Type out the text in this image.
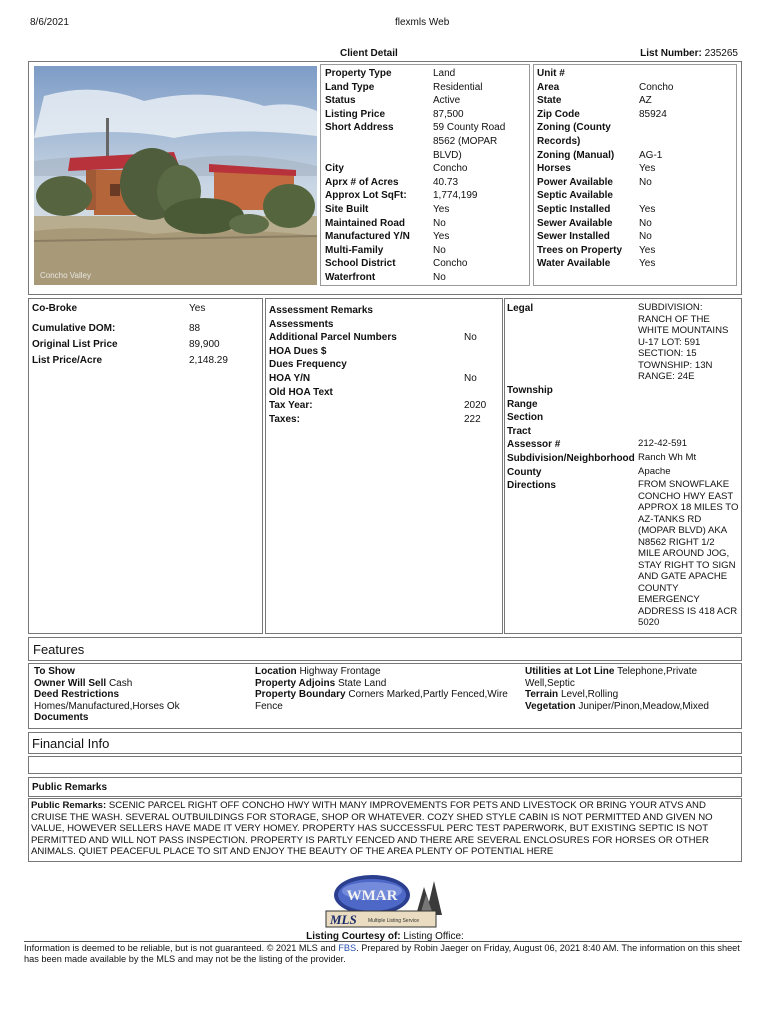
8/6/2021	flexmls Web
Client Detail	List Number: 235265
Concho Valley
Property Type	Land
Land Type	Residential
Status	Active
Listing Price	87,500
Short Address	59 County Road 8562 (MOPAR BLVD)
City	Concho
Aprx # of Acres	40.73
Approx Lot SqFt:	1,774,199
Site Built	Yes
Maintained Road	No
Manufactured Y/N	Yes
Multi-Family	No
School District	Concho
Waterfront	No
Unit #	
Area	Concho
State	AZ
Zip Code	85924
Zoning (County Records)	
Zoning (Manual)	AG-1
Horses	Yes
Power Available	No
Septic Available	
Septic Installed	Yes
Sewer Available	No
Sewer Installed	No
Trees on Property	Yes
Water Available	Yes
Co-Broke	Yes
Cumulative DOM:	88
Original List Price	89,900
List Price/Acre	2,148.29
Assessment Remarks	
Assessments	
Additional Parcel Numbers	No
HOA Dues $	
Dues Frequency	
HOA Y/N	No
Old HOA Text	
Tax Year:	2020
Taxes:	222
Legal	SUBDIVISION: RANCH OF THE WHITE MOUNTAINS U-17 LOT: 591 SECTION: 15 TOWNSHIP: 13N RANGE: 24E
Township	
Range	
Section	
Tract	
Assessor #	212-42-591
Subdivision/Neighborhood	Ranch Wh Mt
County	Apache
Directions	FROM SNOWFLAKE CONCHO HWY EAST APPROX 18 MILES TO AZ-TANKS RD (MOPAR BLVD) AKA N8562 RIGHT 1/2 MILE AROUND JOG, STAY RIGHT TO SIGN AND GATE APACHE COUNTY EMERGENCY ADDRESS IS 418 ACR 5020
Features
To Show
Owner Will Sell Cash
Deed Restrictions
Homes/Manufactured,Horses Ok
Documents
Location Highway Frontage
Property Adjoins State Land
Property Boundary Corners Marked,Partly Fenced,Wire Fence
Utilities at Lot Line Telephone,Private Well,Septic
Terrain Level,Rolling
Vegetation Juniper/Pinon,Meadow,Mixed
Financial Info
Public Remarks
Public Remarks: SCENIC PARCEL RIGHT OFF CONCHO HWY WITH MANY IMPROVEMENTS FOR PETS AND LIVESTOCK OR BRING YOUR ATVS AND CRUISE THE WASH. SEVERAL OUTBUILDINGS FOR STORAGE, SHOP OR WHATEVER. COZY SHED STYLE CABIN IS NOT PERMITTED AND GIVEN NO VALUE, HOWEVER SELLERS HAVE MADE IT VERY HOMEY. PROPERTY HAS SUCCESSFUL PERC TEST PAPERWORK, BUT EXISTING SEPTIC IS NOT PERMITTED AND WILL NOT PASS INSPECTION. PROPERTY IS PARTLY FENCED AND THERE ARE SEVERAL ENCLOSURES FOR HORSES OR OTHER ANIMALS. QUIET PEACEFUL PLACE TO SIT AND ENJOY THE BEAUTY OF THE AREA PLENTY OF POTENTIAL HERE
WMAR
MLS Multiple Listing Service
Listing Courtesy of: Listing Office:
Information is deemed to be reliable, but is not guaranteed. © 2021 MLS and FBS. Prepared by Robin Jaeger on Friday, August 06, 2021 8:40 AM. The information on this sheet has been made available by the MLS and may not be the listing of the provider.
